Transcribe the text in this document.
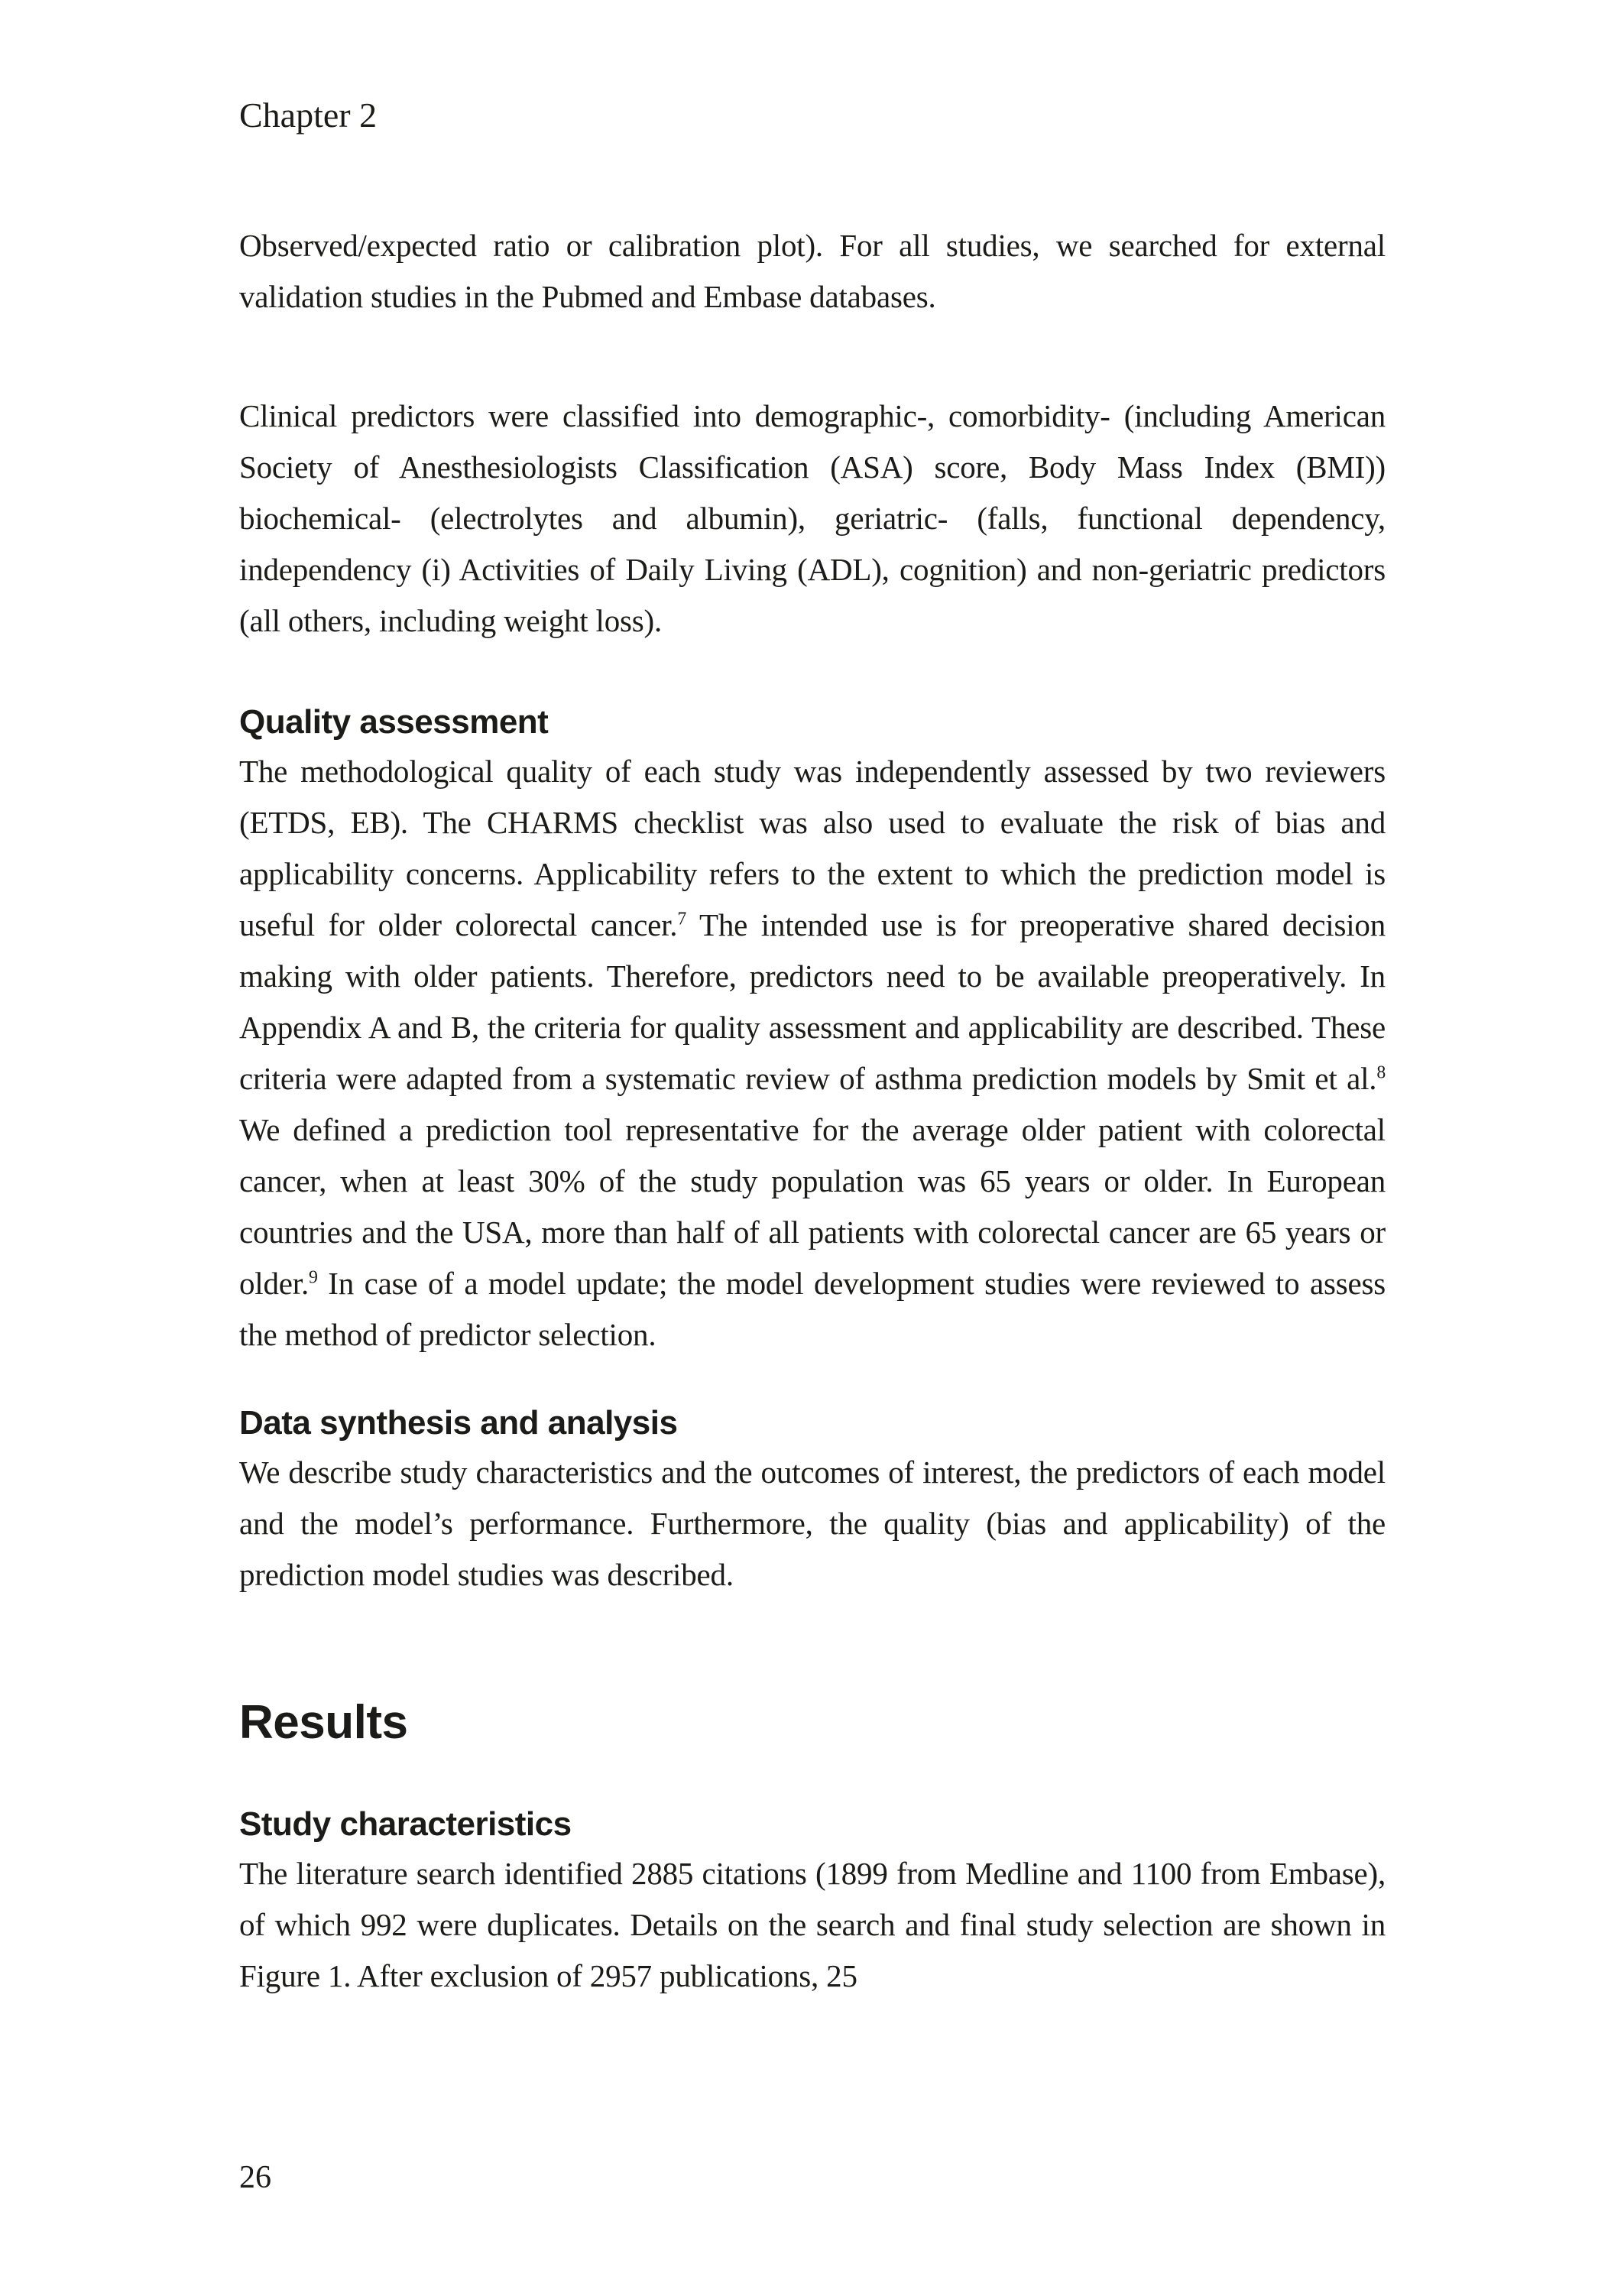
Chapter 2

Observed/expected ratio or calibration plot). For all studies, we searched for external validation studies in the Pubmed and Embase databases.

Clinical predictors were classified into demographic-, comorbidity- (including American Society of Anesthesiologists Classification (ASA) score, Body Mass Index (BMI)) biochemical- (electrolytes and albumin), geriatric- (falls, functional dependency, independency (i) Activities of Daily Living (ADL), cognition) and non-geriatric predictors (all others, including weight loss).

Quality assessment

The methodological quality of each study was independently assessed by two reviewers (ETDS, EB). The CHARMS checklist was also used to evaluate the risk of bias and applicability concerns. Applicability refers to the extent to which the prediction model is useful for older colorectal cancer.$^7$ The intended use is for preoperative shared decision making with older patients. Therefore, predictors need to be available preoperatively. In Appendix A and B, the criteria for quality assessment and applicability are described. These criteria were adapted from a systematic review of asthma prediction models by Smit et al.$^8$ We defined a prediction tool representative for the average older patient with colorectal cancer, when at least 30% of the study population was 65 years or older. In European countries and the USA, more than half of all patients with colorectal cancer are 65 years or older.$^9$ In case of a model update; the model development studies were reviewed to assess the method of predictor selection.

Data synthesis and analysis

We describe study characteristics and the outcomes of interest, the predictors of each model and the model’s performance. Furthermore, the quality (bias and applicability) of the prediction model studies was described.

Results
Study characteristics

The literature search identified 2885 citations (1899 from Medline and 1100 from Embase), of which 992 were duplicates. Details on the search and final study selection are shown in Figure 1. After exclusion of 2957 publications, 25

26
